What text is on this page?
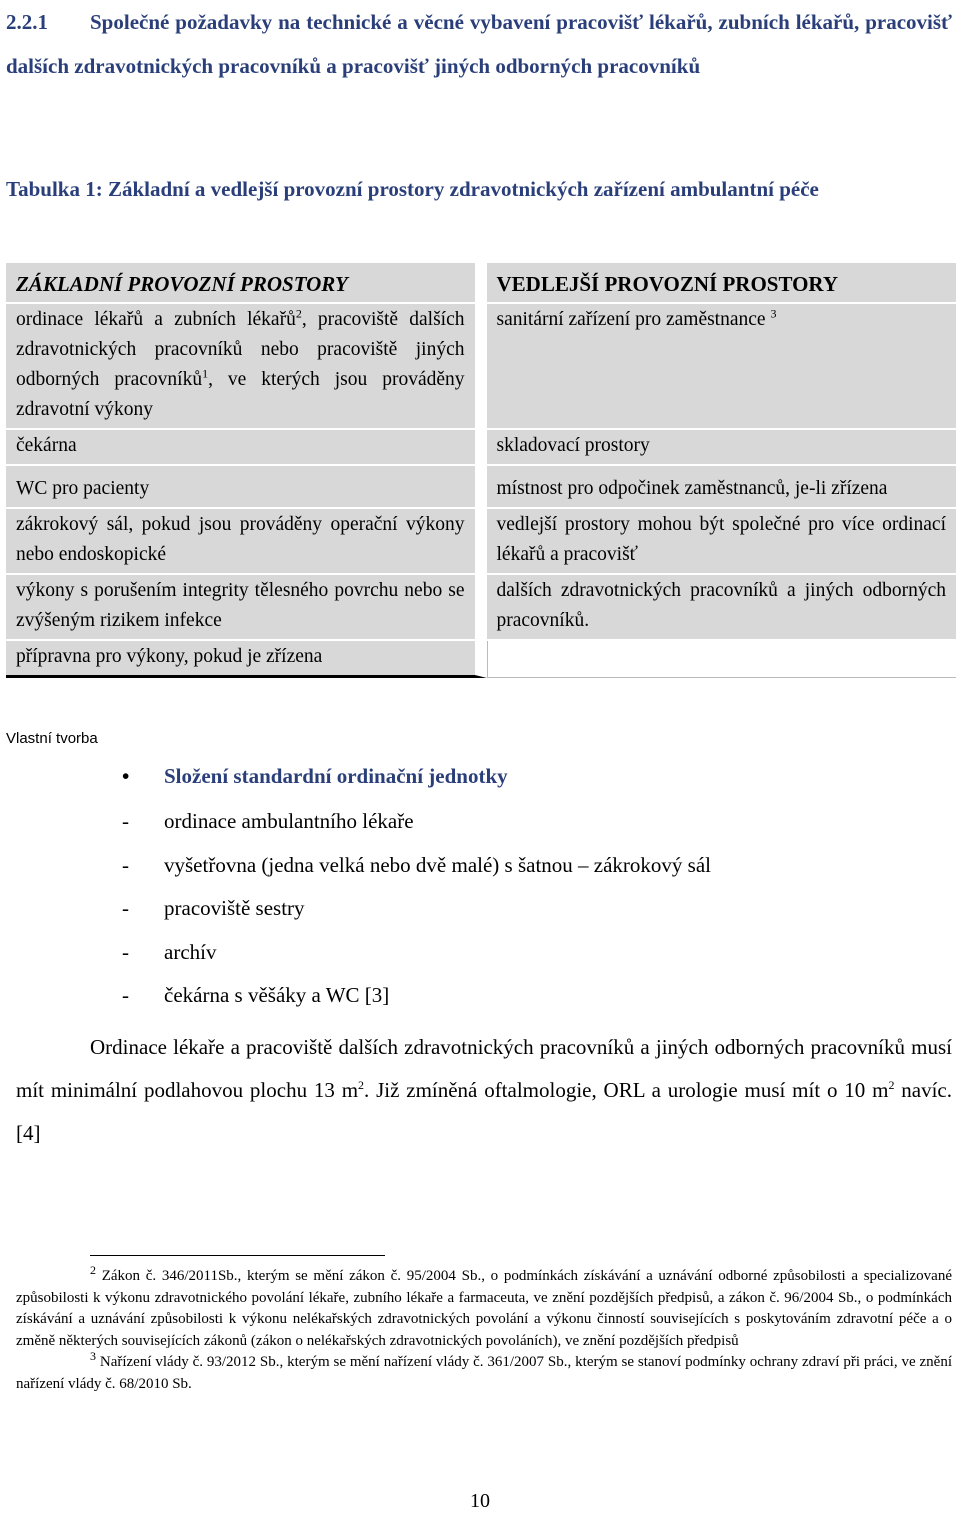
2.2.1 Společné požadavky na technické a věcné vybavení pracovišť lékařů, zubních lékařů, pracovišť dalších zdravotnických pracovníků a pracovišť jiných odborných pracovníků
Tabulka 1: Základní a vedlejší provozní prostory zdravotnických zařízení ambulantní péče
ZÁKLADNÍ PROVOZNÍ PROSTORY	VEDLEJŠÍ PROVOZNÍ PROSTORY
ordinace lékařů a zubních lékařů$^2$, pracoviště dalších zdravotnických pracovníků nebo pracoviště jiných odborných pracovníků$^1$, ve kterých jsou prováděny zdravotní výkony	sanitární zařízení pro zaměstnance $^3$
čekárna	skladovací prostory
WC pro pacienty	místnost pro odpočinek zaměstnanců, je-li zřízena
zákrokový sál, pokud jsou prováděny operační výkony nebo endoskopické	vedlejší prostory mohou být společné pro více ordinací lékařů a pracovišť
výkony s porušením integrity tělesného povrchu nebo se zvýšeným rizikem infekce	dalších zdravotnických pracovníků a jiných odborných pracovníků.
přípravna pro výkony, pokud je zřízena	
Vlastní tvorba
• Složení standardní ordinační jednotky
- ordinace ambulantního lékaře
- vyšetřovna (jedna velká nebo dvě malé) s šatnou – zákrokový sál
- pracoviště sestry
- archív
- čekárna s věšáky a WC [3]
Ordinace lékaře a pracoviště dalších zdravotnických pracovníků a jiných odborných pracovníků musí mít minimální podlahovou plochu 13 $m^2$. Již zmíněná oftalmologie, ORL a urologie musí mít o 10 $m^2$ navíc. [4]
$^2$ Zákon č. 346/2011Sb., kterým se mění zákon č. 95/2004 Sb., o podmínkách získávání a uznávání odborné způsobilosti a specializované způsobilosti k výkonu zdravotnického povolání lékaře, zubního lékaře a farmaceuta, ve znění pozdějších předpisů, a zákon č. 96/2004 Sb., o podmínkách získávání a uznávání způsobilosti k výkonu nelékařských zdravotnických povolání a výkonu činností souvisejících s poskytováním zdravotní péče a o změně některých souvisejících zákonů (zákon o nelékařských zdravotnických povoláních), ve znění pozdějších předpisů
$^3$ Nařízení vlády č. 93/2012 Sb., kterým se mění nařízení vlády č. 361/2007 Sb., kterým se stanoví podmínky ochrany zdraví při práci, ve znění nařízení vlády č. 68/2010 Sb.
10
